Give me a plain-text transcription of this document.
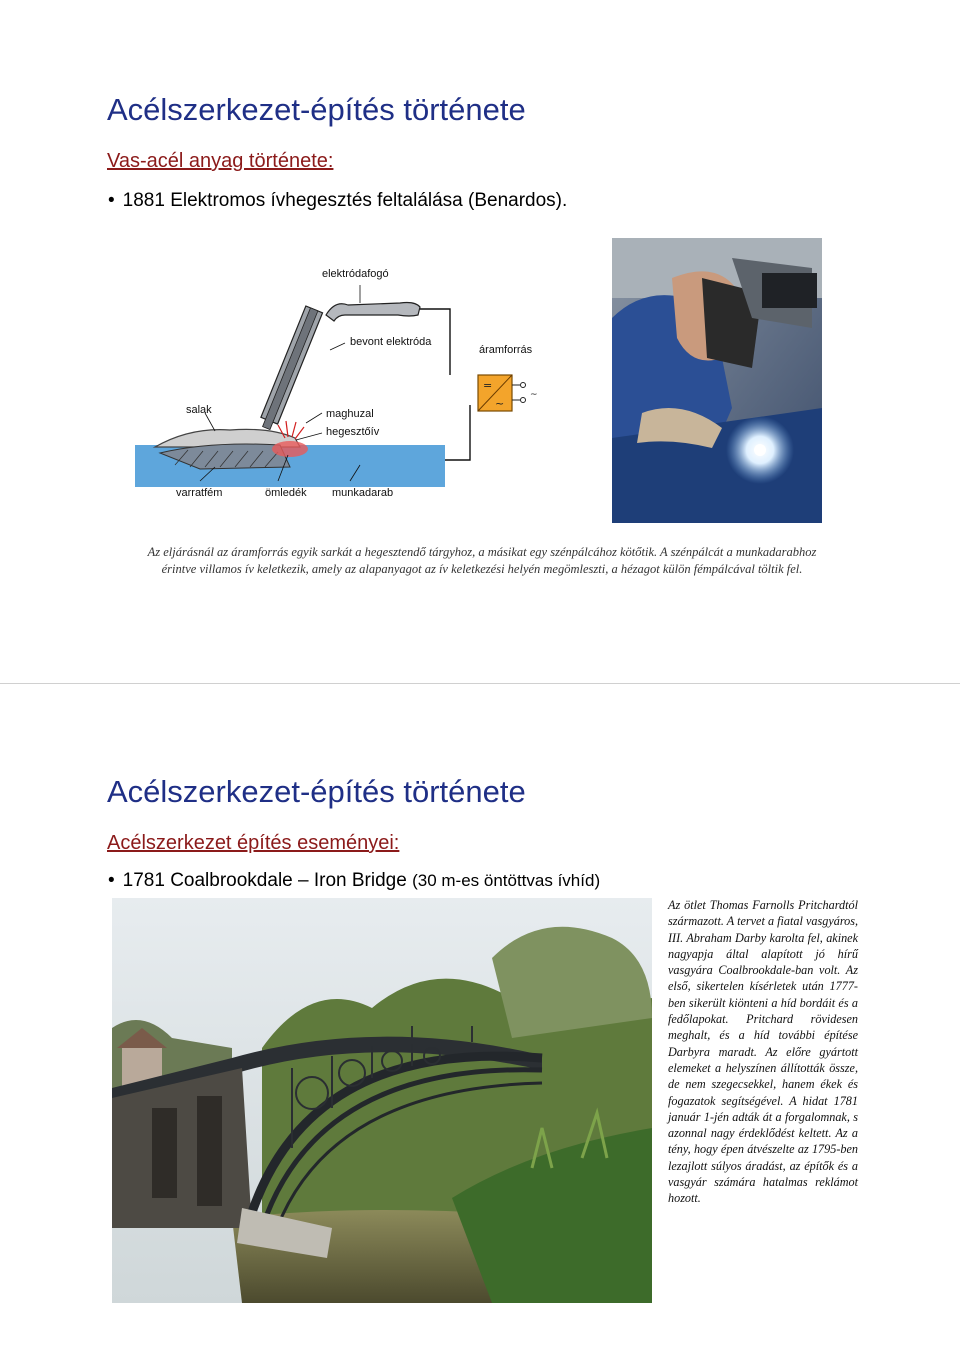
Acélszerkezet-építés története
Vas-acél anyag története:
• 1881 Elektromos ívhegesztés feltalálása (Benardos).
=
~
~
elektródafogó
bevont elektróda
áramforrás
salak	maghuzal
hegesztőív
varratfém	ömledék munkadarab
Az eljárásnál az áramforrás egyik sarkát a hegesztendő tárgyhoz, a másikat egy szénpálcához kötőtik. A szénpálcát a munkadarabhoz
érintve villamos ív keletkezik, amely az alapanyagot az ív keletkezési helyén megömleszti, a hézagot külön fémpálcával töltik fel.
Acélszerkezet-építés története
Acélszerkezet építés eseményei:
• 1781 Coalbrookdale – Iron Bridge (30 m-es öntöttvas ívhíd)
Az ötlet Thomas Farnolls Pritchardtól származott. A tervet a fiatal vasgyáros, III. Abraham Darby karolta fel, akinek nagyapja által alapított jó hírű vasgyára Coalbrookdale-ban volt. Az első, sikertelen kísérletek után 1777-ben sikerült kiönteni a híd bordáit és a fedőlapokat. Pritchard rövidesen meghalt, és a híd további építése Darbyra maradt. Az előre gyártott elemeket a helyszínen állították össze, de nem szegecsekkel, hanem ékek és fogazatok segítségével. A hidat 1781 január 1-jén adták át a forgalomnak, s azonnal nagy érdeklődést keltett. Az a tény, hogy épen átvészelte az 1795-ben lezajlott súlyos áradást, az építők és a vasgyár számára hatalmas reklámot hozott.
